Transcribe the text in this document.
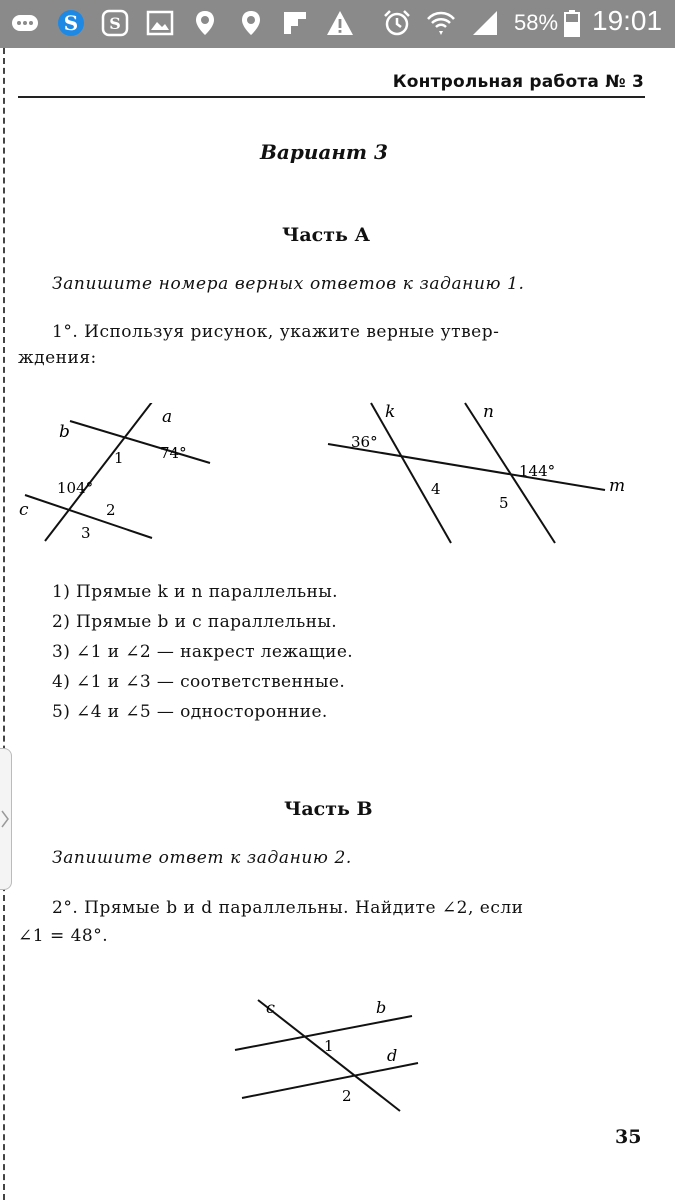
S S	58% 19:01
Контрольная работа № 3
Вариант 3
Часть А
Запишите номера верных ответов к заданию 1.
1°. Используя рисунок, укажите верные утвер-
ждения:
b
a
c
1 74°
104°
2
3
k	n
m
36°
144°
4
5
1) Прямые k и n параллельны.
2) Прямые b и c параллельны.
3) ∠1 и ∠2 — накрест лежащие.
4) ∠1 и ∠3 — соответственные.
5) ∠4 и ∠5 — односторонние.
Часть В
Запишите ответ к заданию 2.
2°. Прямые b и d параллельны. Найдите ∠2, если
∠1 = 48°.
c	b
d
1
2
35
